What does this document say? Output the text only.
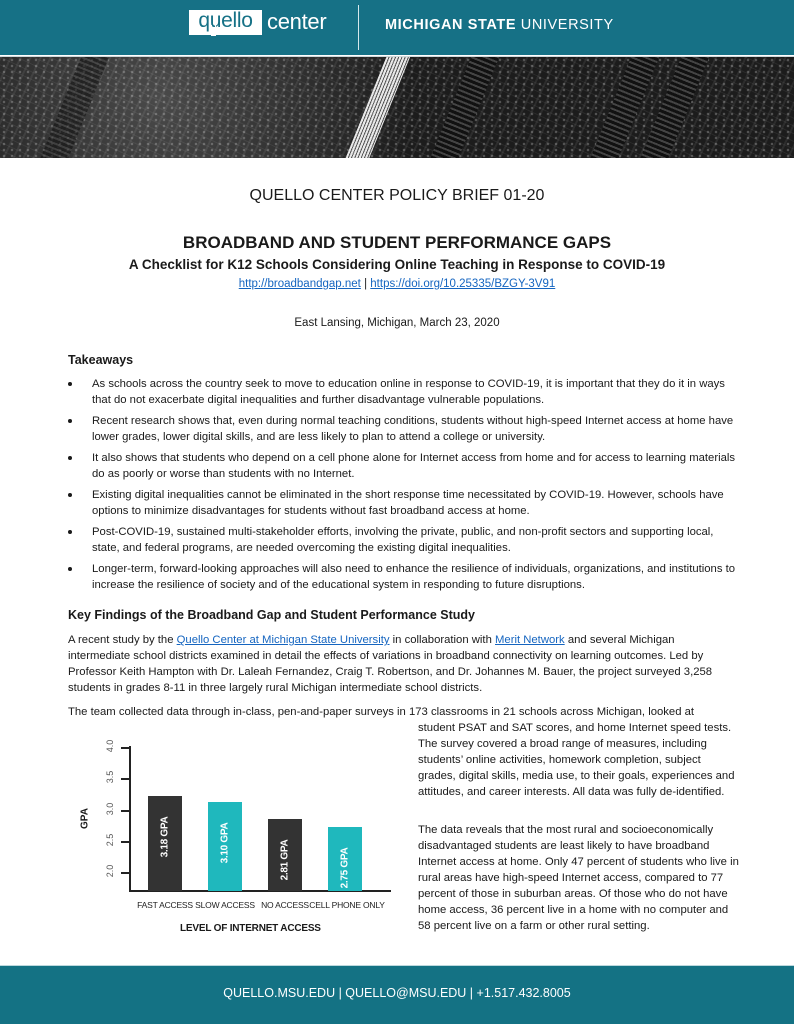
quello center	MICHIGAN STATE UNIVERSITY
QUELLO CENTER POLICY BRIEF 01-20
BROADBAND AND STUDENT PERFORMANCE GAPS
A Checklist for K12 Schools Considering Online Teaching in Response to COVID-19
http://broadbandgap.net | https://doi.org/10.25335/BZGY-3V91
East Lansing, Michigan, March 23, 2020
Takeaways
As schools across the country seek to move to education online in response to COVID-19, it is important that they do it in ways that do not exacerbate digital inequalities and further disadvantage vulnerable populations.
Recent research shows that, even during normal teaching conditions, students without high-speed Internet access at home have lower grades, lower digital skills, and are less likely to plan to attend a college or university.
It also shows that students who depend on a cell phone alone for Internet access from home and for access to learning materials do as poorly or worse than students with no Internet.
Existing digital inequalities cannot be eliminated in the short response time necessitated by COVID-19. However, schools have options to minimize disadvantages for students without fast broadband access at home.
Post-COVID-19, sustained multi-stakeholder efforts, involving the private, public, and non-profit sectors and supporting local, state, and federal programs, are needed overcoming the existing digital inequalities.
Longer-term, forward-looking approaches will also need to enhance the resilience of individuals, organizations, and institutions to increase the resilience of society and of the educational system in responding to future disruptions.
Key Findings of the Broadband Gap and Student Performance Study
A recent study by the Quello Center at Michigan State University in collaboration with Merit Network and several Michigan intermediate school districts examined in detail the effects of variations in broadband connectivity on learning outcomes. Led by Professor Keith Hampton with Dr. Laleah Fernandez, Craig T. Robertson, and Dr. Johannes M. Bauer, the project surveyed 3,258 students in grades 8-11 in three largely rural Michigan intermediate school districts.
The team collected data through in-class, pen-and-paper surveys in 173 classrooms in 21 schools across Michigan, looked at
student PSAT and SAT scores, and home Internet speed tests. The survey covered a broad range of measures, including students’ online activities, homework completion, subject grades, digital skills, media use, to their goals, experiences and attitudes, and career interests. All data was fully de-identified.
The data reveals that the most rural and socioeconomically disadvantaged students are least likely to have broadband Internet access at home. Only 47 percent of students who live in rural areas have high-speed Internet access, compared to 77 percent of those in suburban areas. Of those who do not have home access, 36 percent live in a home with no computer and 58 percent live on a farm or other rural setting.
GPA
2.0
2.5
3.0
3.5
4.0
3.18 GPA	3.10 GPA	2.81 GPA	2.75 GPA
FAST ACCESS SLOW ACCESS NO ACCESS CELL PHONE ONLY
LEVEL OF INTERNET ACCESS
QUELLO.MSU.EDU | QUELLO@MSU.EDU | +1.517.432.8005
